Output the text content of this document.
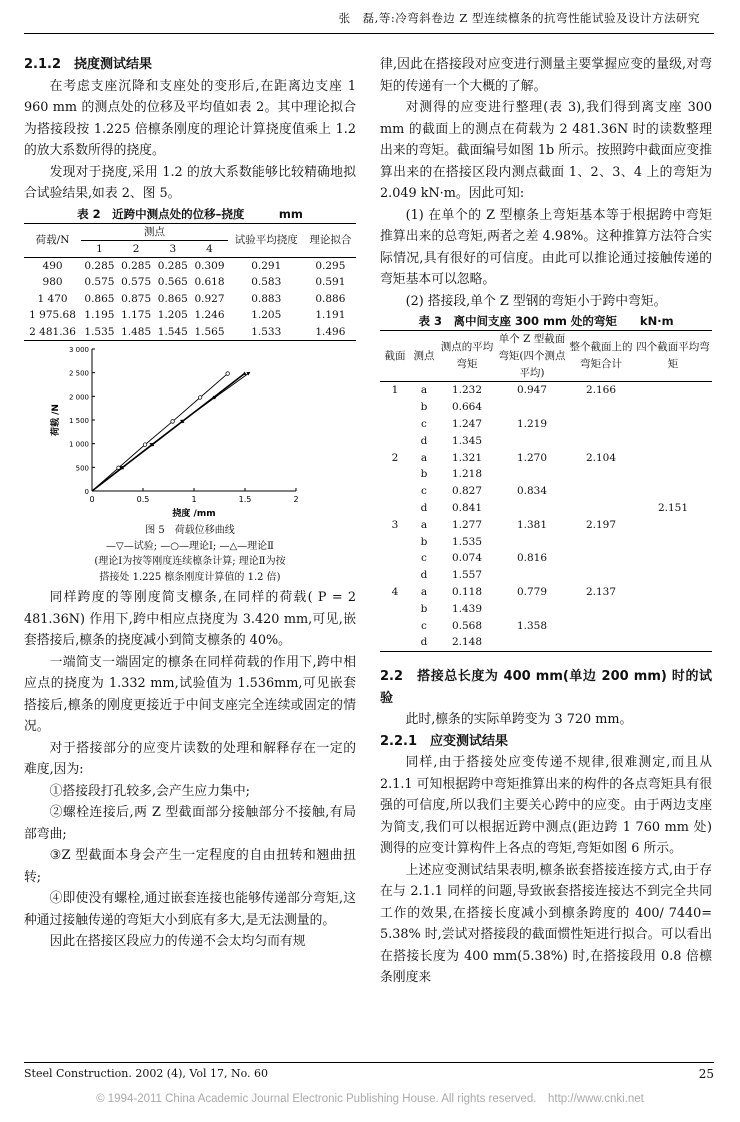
张　磊,等:冷弯斜卷边 Z 型连续檩条的抗弯性能试验及设计方法研究
2.1.2　挠度测试结果

在考虑支座沉降和支座处的变形后,在距离边支座 1 960 mm 的测点处的位移及平均值如表 2。其中理论拟合为搭接段按 1.225 倍檩条刚度的理论计算挠度值乘上 1.2 的放大系数所得的挠度。

发现对于挠度,采用 1.2 的放大系数能够比较精确地拟合试验结果,如表 2、图 5。

表 2　近跨中测点处的位移–挠度　　　mm
荷载/N	测点				试验平均挠度	理论拟合
	1	2	3	4		
490	0.285	0.285	0.285	0.309	0.291	0.295
980	0.575	0.575	0.565	0.618	0.583	0.591
1 470	0.865	0.875	0.865	0.927	0.883	0.886
1 975.68	1.195	1.175	1.205	1.246	1.205	1.191
2 481.36	1.535	1.485	1.545	1.565	1.533	1.496
0	0.5	1	1.5	2
0
500
1 000
1 500
2 000
2 500
3 000
挠度 /mm
荷载 /N
图 5　荷载位移曲线
—▽—试验; —○—理论Ⅰ; —△—理论Ⅱ
(理论Ⅰ为按等刚度连续檩条计算; 理论Ⅱ为按
搭接处 1.225 檩条刚度计算值的 1.2 倍)

同样跨度的等刚度简支檩条,在同样的荷载( P = 2 481.36N) 作用下,跨中相应点挠度为 3.420 mm,可见,嵌套搭接后,檩条的挠度减小到简支檩条的 40%。

一端简支一端固定的檩条在同样荷载的作用下,跨中相应点的挠度为 1.332 mm,试验值为 1.536mm,可见嵌套搭接后,檩条的刚度更接近于中间支座完全连续或固定的情况。

对于搭接部分的应变片读数的处理和解释存在一定的难度,因为:

①搭接段打孔较多,会产生应力集中;

②螺栓连接后,两 Z 型截面部分接触部分不接触,有局部弯曲;

③Z 型截面本身会产生一定程度的自由扭转和翘曲扭转;

④即使没有螺栓,通过嵌套连接也能够传递部分弯矩,这种通过接触传递的弯矩大小到底有多大,是无法测量的。

因此在搭接区段应力的传递不会太均匀而有规

律,因此在搭接段对应变进行测量主要掌握应变的量级,对弯矩的传递有一个大概的了解。

对测得的应变进行整理(表 3),我们得到离支座 300 mm 的截面上的测点在荷载为 2 481.36N 时的读数整理出来的弯矩。截面编号如图 1b 所示。按照跨中截面应变推算出来的在搭接区段内测点截面 1、2、3、4 上的弯矩为 2.049 kN·m。因此可知:

(1) 在单个的 Z 型檩条上弯矩基本等于根据跨中弯矩推算出来的总弯矩,两者之差 4.98%。这种推算方法符合实际情况,具有很好的可信度。由此可以推论通过接触传递的弯矩基本可以忽略。

(2) 搭接段,单个 Z 型钢的弯矩小于跨中弯矩。

表 3　离中间支座 300 mm 处的弯矩　　kN·m
截面	测点	测点的平均弯矩	单个 Z 型截面弯矩(四个测点平均)	整个截面上的弯矩合计	四个截面平均弯矩
1	a	1.232	0.947	2.166	
	b	0.664			
	c	1.247	1.219		
	d	1.345			
2	a	1.321	1.270	2.104	
	b	1.218			
	c	0.827	0.834		
	d	0.841			2.151
3	a	1.277	1.381	2.197	
	b	1.535			
	c	0.074	0.816		
	d	1.557			
4	a	0.118	0.779	2.137	
	b	1.439			
	c	0.568	1.358		
	d	2.148			
2.2　搭接总长度为 400 mm(单边 200 mm) 时的试验

此时,檩条的实际单跨变为 3 720 mm。

2.2.1　应变测试结果

同样,由于搭接处应变传递不规律,很难测定,而且从 2.1.1 可知根据跨中弯矩推算出来的构件的各点弯矩具有很强的可信度,所以我们主要关心跨中的应变。由于两边支座为简支,我们可以根据近跨中测点(距边跨 1 760 mm 处) 测得的应变计算构件上各点的弯矩,弯矩如图 6 所示。

上述应变测试结果表明,檩条嵌套搭接连接方式,由于存在与 2.1.1 同样的问题,导致嵌套搭接连接达不到完全共同工作的效果,在搭接长度减小到檩条跨度的 400/ 7440= 5.38% 时,尝试对搭接段的截面惯性矩进行拟合。可以看出在搭接长度为 400 mm(5.38%) 时,在搭接段用 0.8 倍檩条刚度来

Steel Construction. 2002 (4), Vol 17, No. 60	25
© 1994-2011 China Academic Journal Electronic Publishing House. All rights reserved.　http://www.cnki.net
